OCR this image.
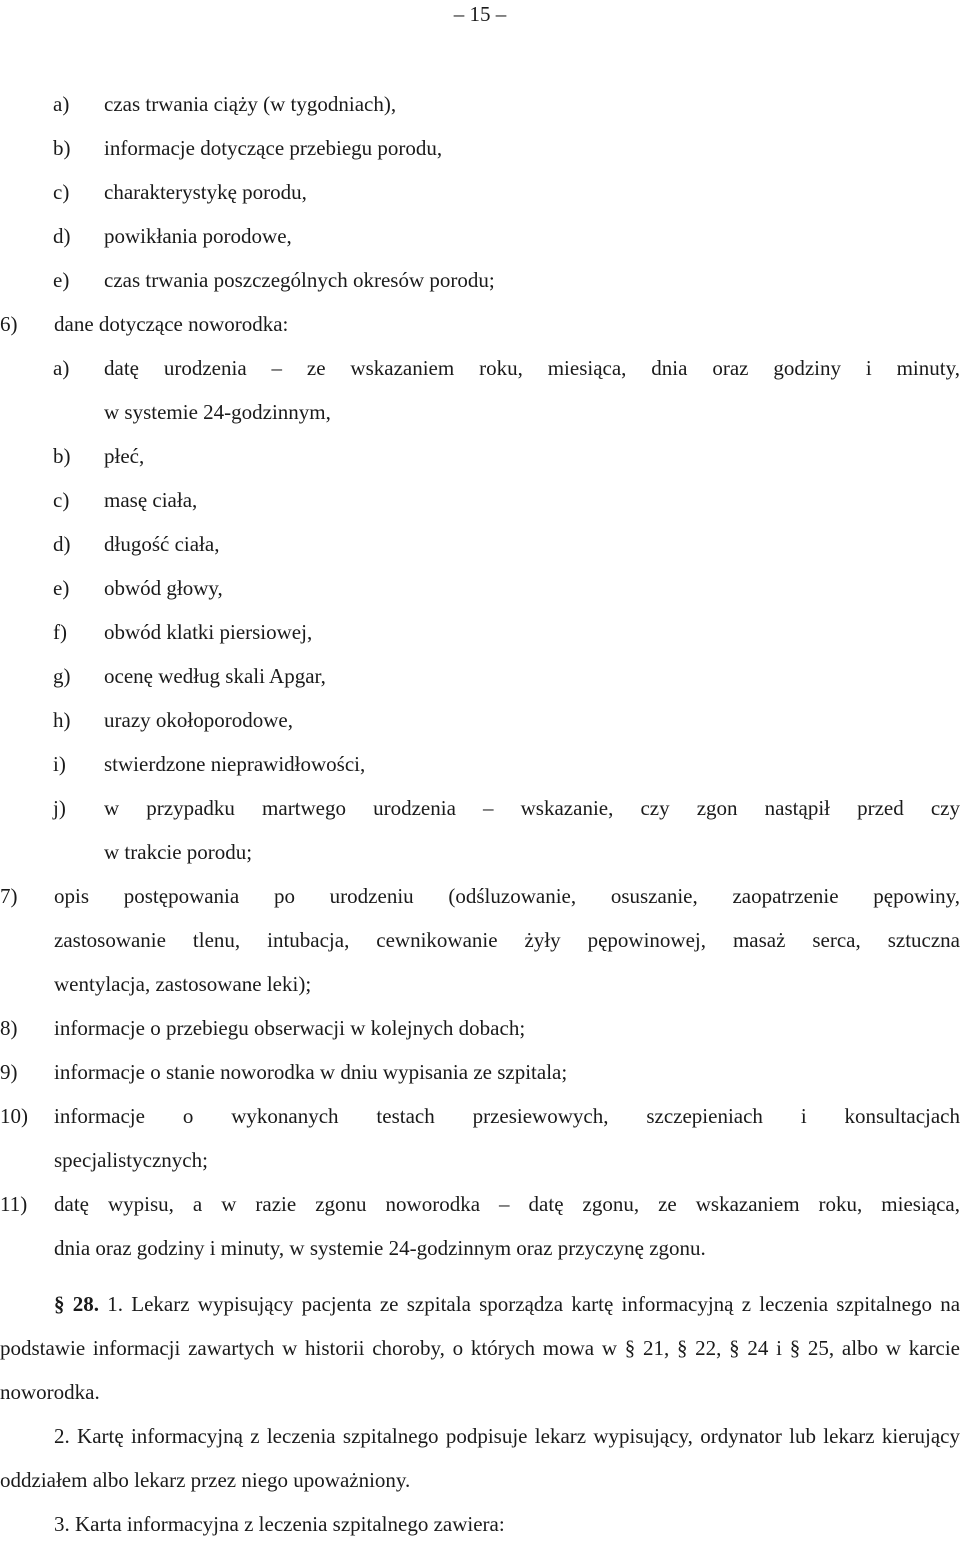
– 15 –
a) czas trwania ciąży (w tygodniach),
b) informacje dotyczące przebiegu porodu,
c) charakterystykę porodu,
d) powikłania porodowe,
e) czas trwania poszczególnych okresów porodu;
6) dane dotyczące noworodka:
a) datę urodzenia ‒ ze wskazaniem roku, miesiąca, dnia oraz godziny i minuty,
w systemie 24-godzinnym,
b) płeć,
c) masę ciała,
d) długość ciała,
e) obwód głowy,
f) obwód klatki piersiowej,
g) ocenę według skali Apgar,
h) urazy okołoporodowe,
i) stwierdzone nieprawidłowości,
j) w przypadku martwego urodzenia ‒ wskazanie, czy zgon nastąpił przed czy
w trakcie porodu;
7) opis postępowania po urodzeniu (odśluzowanie, osuszanie, zaopatrzenie pępowiny,
zastosowanie tlenu, intubacja, cewnikowanie żyły pępowinowej, masaż serca, sztuczna
wentylacja, zastosowane leki);
8) informacje o przebiegu obserwacji w kolejnych dobach;
9) informacje o stanie noworodka w dniu wypisania ze szpitala;
10) informacje o wykonanych testach przesiewowych, szczepieniach i konsultacjach
specjalistycznych;
11) datę wypisu, a w razie zgonu noworodka ‒ datę zgonu, ze wskazaniem roku, miesiąca,
dnia oraz godziny i minuty, w systemie 24-godzinnym oraz przyczynę zgonu.
§ 28. 1. Lekarz wypisujący pacjenta ze szpitala sporządza kartę informacyjną z leczenia szpitalnego na podstawie informacji zawartych w historii choroby, o których mowa w § 21, § 22, § 24 i § 25, albo w karcie noworodka.
2. Kartę informacyjną z leczenia szpitalnego podpisuje lekarz wypisujący, ordynator lub lekarz kierujący oddziałem albo lekarz przez niego upoważniony.
3. Karta informacyjna z leczenia szpitalnego zawiera:
